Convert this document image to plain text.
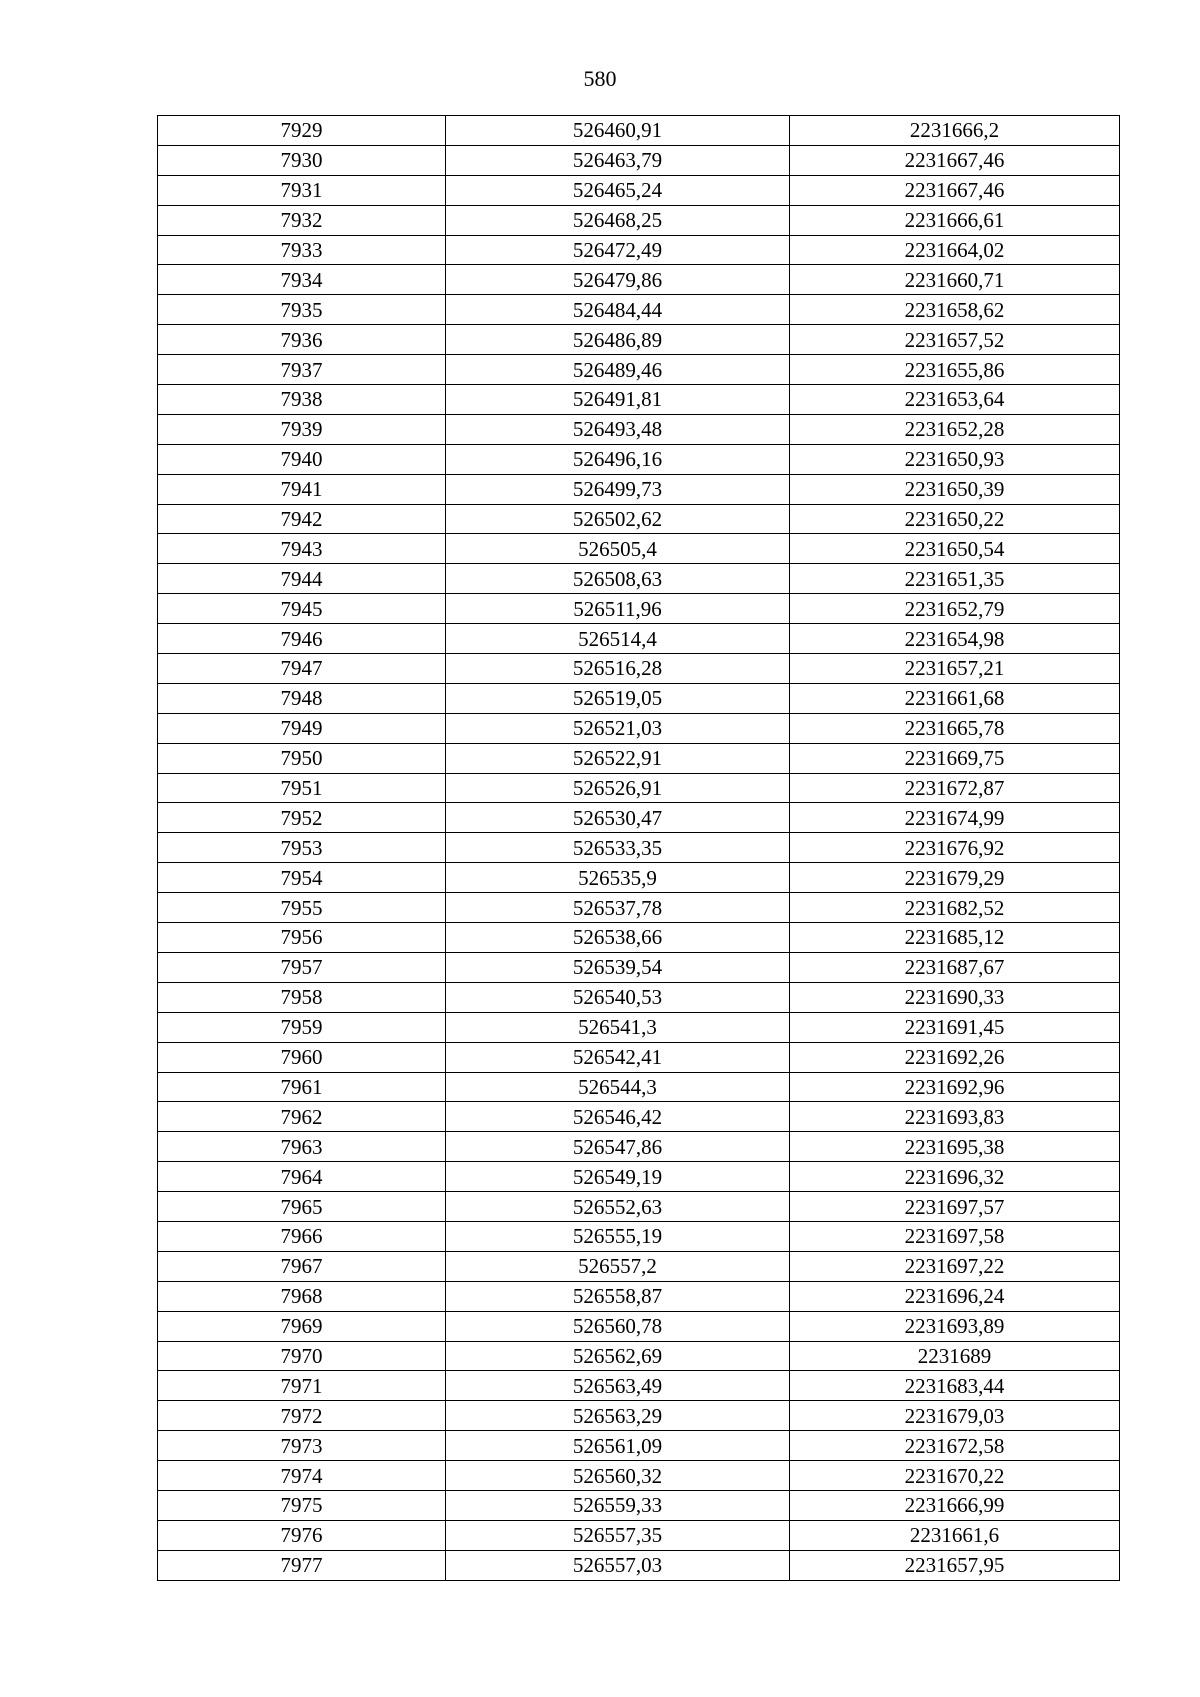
580
7929	526460,91	2231666,2
7930	526463,79	2231667,46
7931	526465,24	2231667,46
7932	526468,25	2231666,61
7933	526472,49	2231664,02
7934	526479,86	2231660,71
7935	526484,44	2231658,62
7936	526486,89	2231657,52
7937	526489,46	2231655,86
7938	526491,81	2231653,64
7939	526493,48	2231652,28
7940	526496,16	2231650,93
7941	526499,73	2231650,39
7942	526502,62	2231650,22
7943	526505,4	2231650,54
7944	526508,63	2231651,35
7945	526511,96	2231652,79
7946	526514,4	2231654,98
7947	526516,28	2231657,21
7948	526519,05	2231661,68
7949	526521,03	2231665,78
7950	526522,91	2231669,75
7951	526526,91	2231672,87
7952	526530,47	2231674,99
7953	526533,35	2231676,92
7954	526535,9	2231679,29
7955	526537,78	2231682,52
7956	526538,66	2231685,12
7957	526539,54	2231687,67
7958	526540,53	2231690,33
7959	526541,3	2231691,45
7960	526542,41	2231692,26
7961	526544,3	2231692,96
7962	526546,42	2231693,83
7963	526547,86	2231695,38
7964	526549,19	2231696,32
7965	526552,63	2231697,57
7966	526555,19	2231697,58
7967	526557,2	2231697,22
7968	526558,87	2231696,24
7969	526560,78	2231693,89
7970	526562,69	2231689
7971	526563,49	2231683,44
7972	526563,29	2231679,03
7973	526561,09	2231672,58
7974	526560,32	2231670,22
7975	526559,33	2231666,99
7976	526557,35	2231661,6
7977	526557,03	2231657,95
